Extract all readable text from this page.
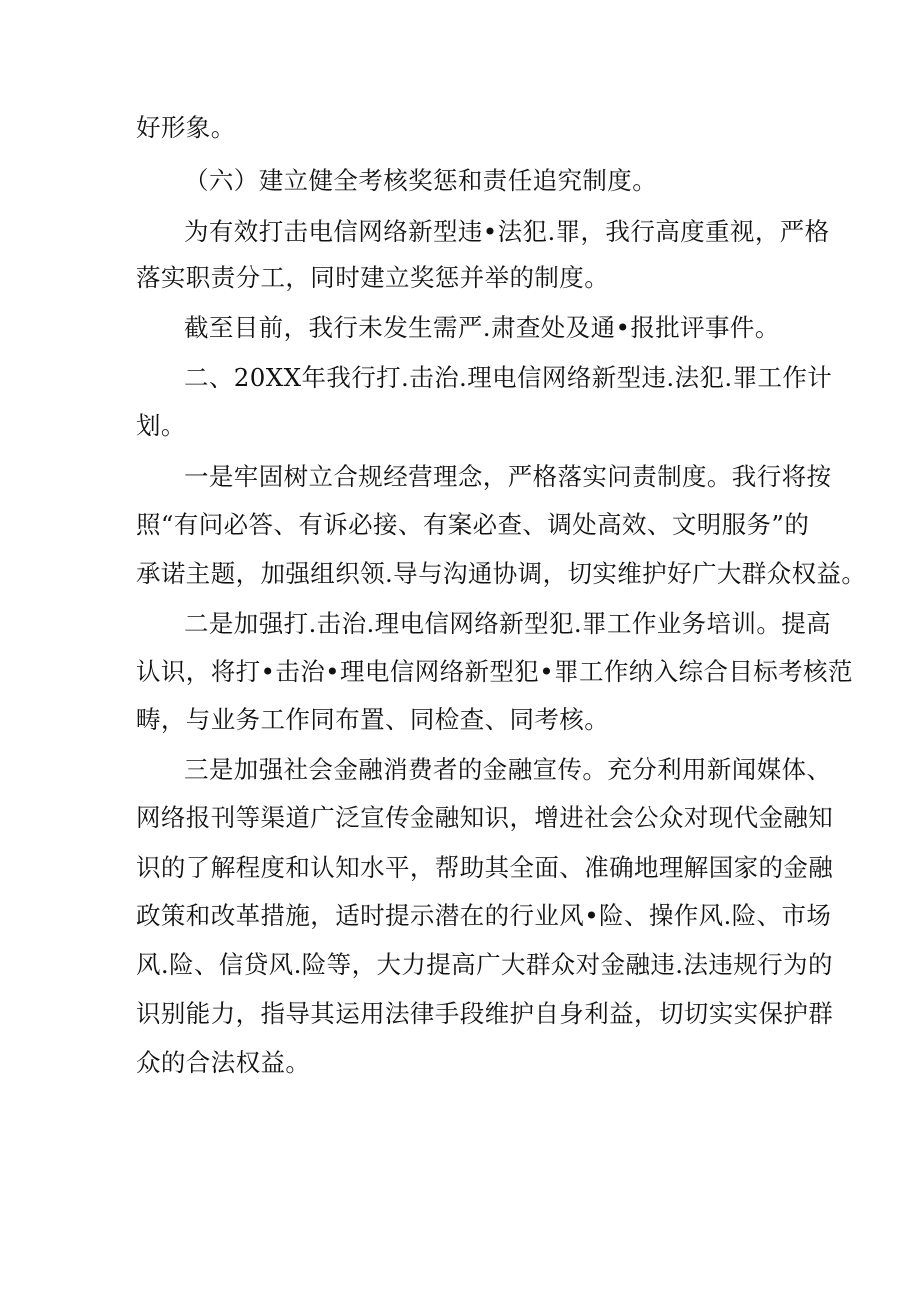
好形象。
（六）建立健全考核奖惩和责任追究制度。
为有效打击电信网络新型违•法犯.罪，我行高度重视，严格
落实职责分工，同时建立奖惩并举的制度。
截至目前，我行未发生需严.肃查处及通•报批评事件。
二、20XX年我行打.击治.理电信网络新型违.法犯.罪工作计
划。
一是牢固树立合规经营理念，严格落实问责制度。我行将按
照“有问必答、有诉必接、有案必查、调处高效、文明服务”的
承诺主题，加强组织领.导与沟通协调，切实维护好广大群众权益。
二是加强打.击治.理电信网络新型犯.罪工作业务培训。提高
认识，将打•击治•理电信网络新型犯•罪工作纳入综合目标考核范
畴，与业务工作同布置、同检查、同考核。
三是加强社会金融消费者的金融宣传。充分利用新闻媒体、
网络报刊等渠道广泛宣传金融知识，增进社会公众对现代金融知
识的了解程度和认知水平，帮助其全面、准确地理解国家的金融
政策和改革措施，适时提示潜在的行业风•险、操作风.险、市场
风.险、信贷风.险等，大力提高广大群众对金融违.法违规行为的
识别能力，指导其运用法律手段维护自身利益，切切实实保护群
众的合法权益。
